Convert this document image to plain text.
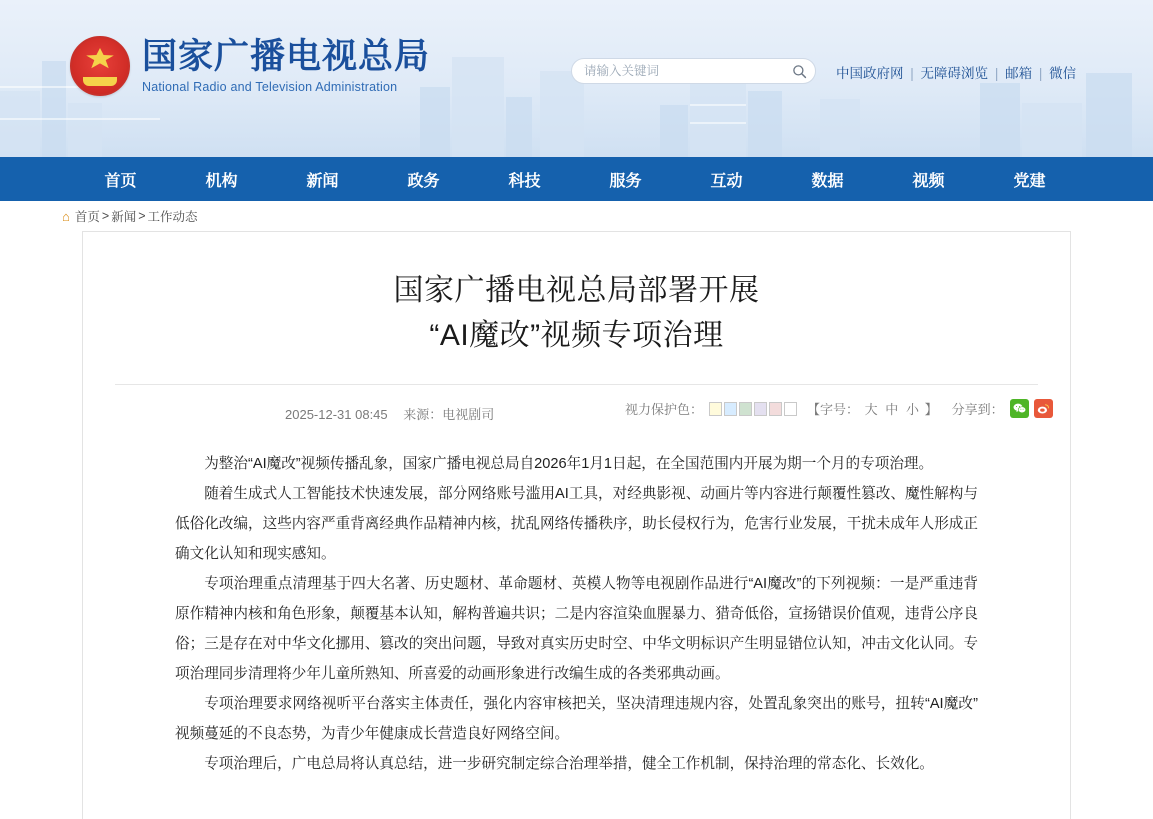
国家广播电视总局
National Radio and Television Administration
请输入关键词
中国政府网 | 无障碍浏览 | 邮箱 | 微信
首页	机构	新闻	政务	科技	服务	互动	数据	视频	党建
⌂ 首页 > 新闻 > 工作动态
国家广播电视总局部署开展
“AI魔改”视频专项治理
2025-12-31 08:45 来源：电视剧司	视力保护色：	【字号： 大 中 小 】 分享到：

为整治“AI魔改”视频传播乱象，国家广播电视总局自2026年1月1日起，在全国范围内开展为期一个月的专项治理。

随着生成式人工智能技术快速发展，部分网络账号滥用AI工具，对经典影视、动画片等内容进行颠覆性篡改、魔性解构与低俗化改编，这些内容严重背离经典作品精神内核，扰乱网络传播秩序，助长侵权行为，危害行业发展，干扰未成年人形成正确文化认知和现实感知。

专项治理重点清理基于四大名著、历史题材、革命题材、英模人物等电视剧作品进行“AI魔改”的下列视频：一是严重违背原作精神内核和角色形象，颠覆基本认知，解构普遍共识；二是内容渲染血腥暴力、猎奇低俗，宣扬错误价值观，违背公序良俗；三是存在对中华文化挪用、篡改的突出问题，导致对真实历史时空、中华文明标识产生明显错位认知，冲击文化认同。专项治理同步清理将少年儿童所熟知、所喜爱的动画形象进行改编生成的各类邪典动画。

专项治理要求网络视听平台落实主体责任，强化内容审核把关，坚决清理违规内容，处置乱象突出的账号，扭转“AI魔改”视频蔓延的不良态势，为青少年健康成长营造良好网络空间。

专项治理后，广电总局将认真总结，进一步研究制定综合治理举措，健全工作机制，保持治理的常态化、长效化。
